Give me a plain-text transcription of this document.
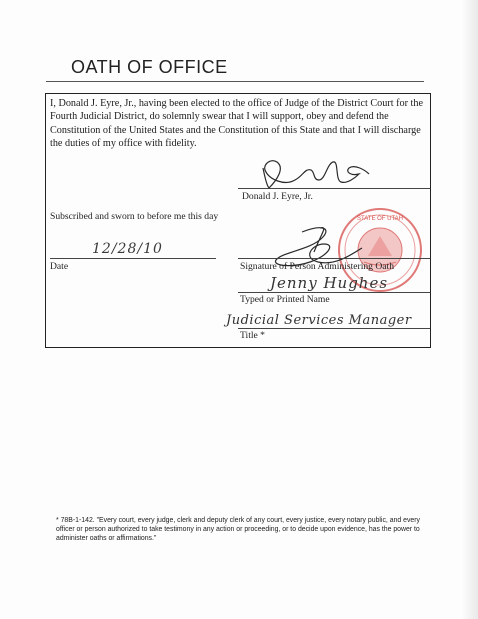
OATH OF OFFICE
I, Donald J. Eyre, Jr., having been elected to the office of Judge of the District Court for the Fourth Judicial District, do solemnly swear that I will support, obey and defend the Constitution of the United States and the Constitution of this State and that I will discharge the duties of my office with fidelity.
Donald J. Eyre, Jr.
Subscribed and sworn to before me this day	STATE OF UTAH
12/28/10
Date	Signature of Person Administering Oath
Jenny Hughes
Typed or Printed Name
Judicial Services Manager
Title *
* 78B-1-142. "Every court, every judge, clerk and deputy clerk of any court, every justice, every notary public, and every officer or person authorized to take testimony in any action or proceeding, or to decide upon evidence, has the power to administer oaths or affirmations."
